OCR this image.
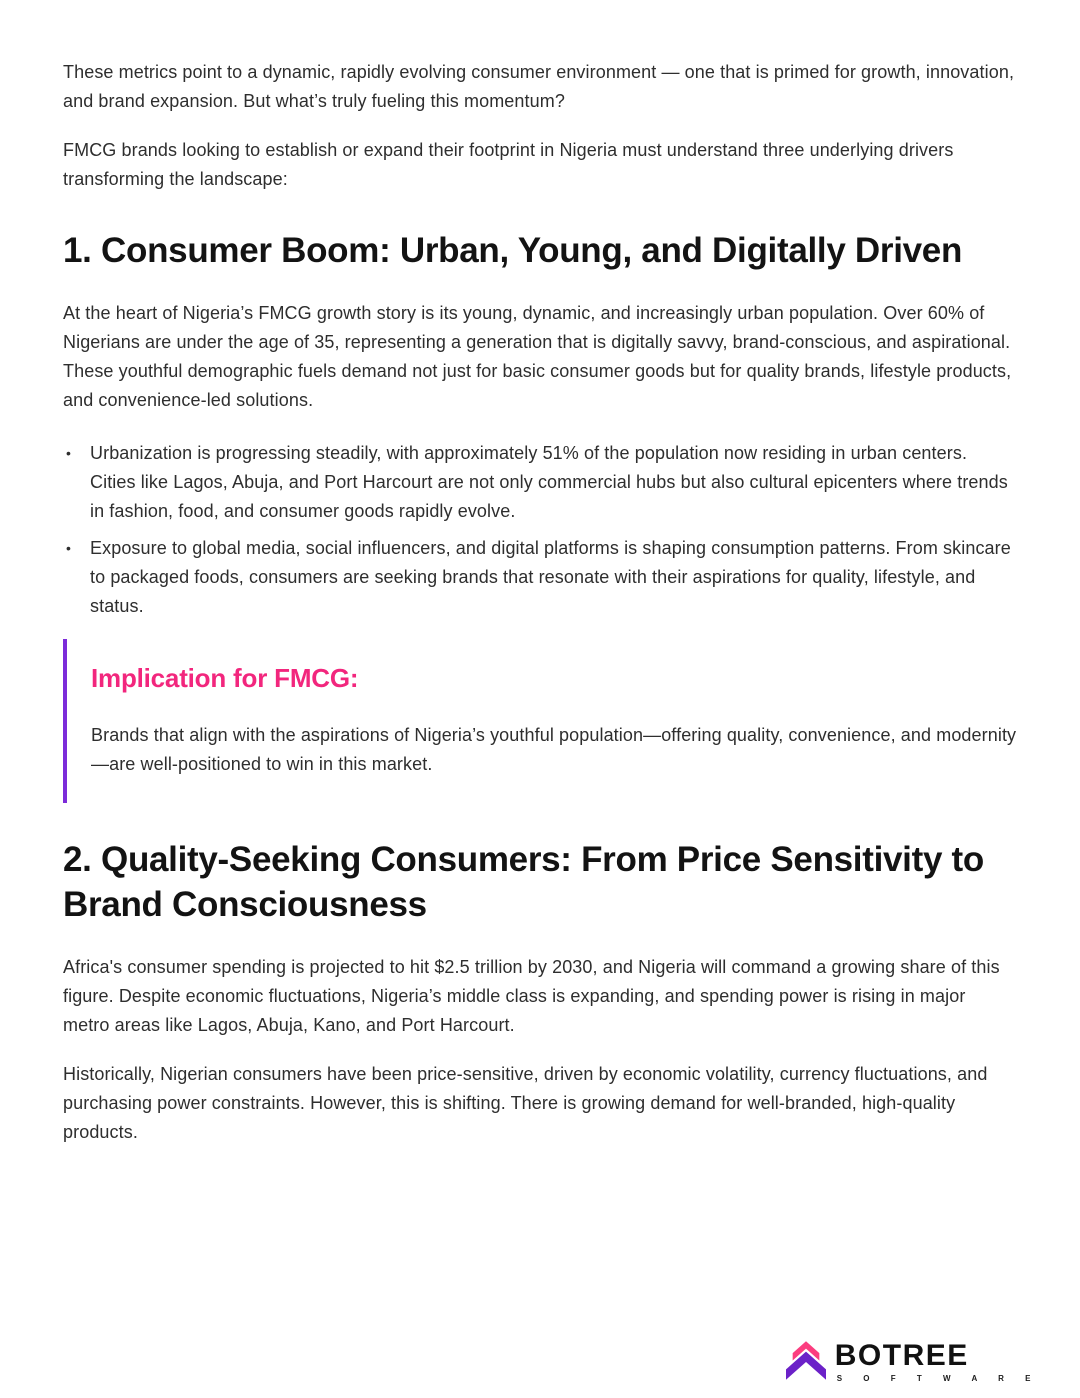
These metrics point to a dynamic, rapidly evolving consumer environment — one that is primed for growth, innovation, and brand expansion. But what’s truly fueling this momentum?

FMCG brands looking to establish or expand their footprint in Nigeria must understand three underlying drivers transforming the landscape:

1. Consumer Boom: Urban, Young, and Digitally Driven

At the heart of Nigeria’s FMCG growth story is its young, dynamic, and increasingly urban population. Over 60% of Nigerians are under the age of 35, representing a generation that is digitally savvy, brand-conscious, and aspirational. These youthful demographic fuels demand not just for basic consumer goods but for quality brands, lifestyle products, and convenience-led solutions.

•	Urbanization is progressing steadily, with approximately 51% of the population now residing in urban centers. Cities like Lagos, Abuja, and Port Harcourt are not only commercial hubs but also cultural epicenters where trends in fashion, food, and consumer goods rapidly evolve.
•	Exposure to global media, social influencers, and digital platforms is shaping consumption patterns. From skincare to packaged foods, consumers are seeking brands that resonate with their aspirations for quality, lifestyle, and status.
Implication for FMCG:

Brands that align with the aspirations of Nigeria’s youthful population—offering quality, convenience, and modernity—are well-positioned to win in this market.

2. Quality-Seeking Consumers: From Price Sensitivity to Brand Consciousness

Africa's consumer spending is projected to hit $2.5 trillion by 2030, and Nigeria will command a growing share of this figure. Despite economic fluctuations, Nigeria’s middle class is expanding, and spending power is rising in major metro areas like Lagos, Abuja, Kano, and Port Harcourt.

Historically, Nigerian consumers have been price-sensitive, driven by economic volatility, currency fluctuations, and purchasing power constraints. However, this is shifting. There is growing demand for well-branded, high-quality products.

BOTREE
S O F T W A R E
